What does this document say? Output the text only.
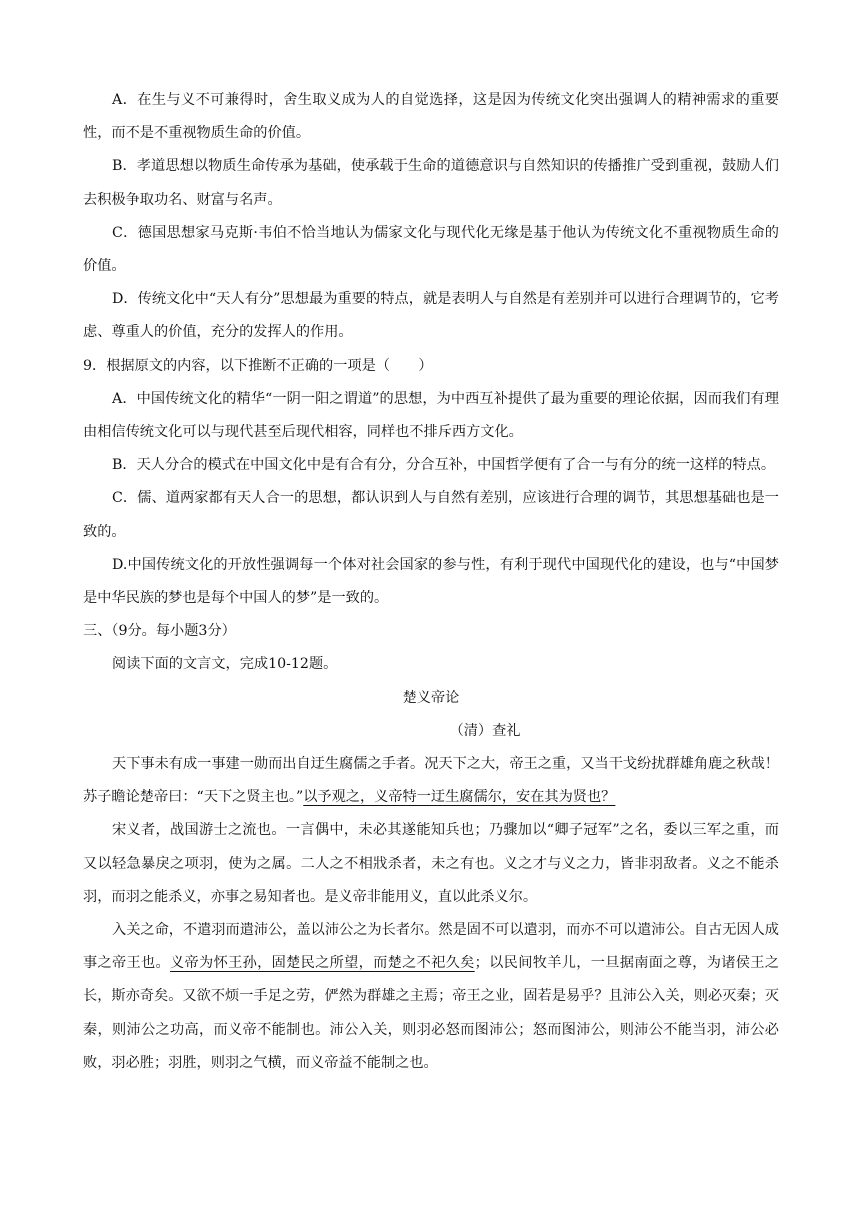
A．在生与义不可兼得时，舍生取义成为人的自觉选择，这是因为传统文化突出强调人的精神需求的重要性，而不是不重视物质生命的价值。

B．孝道思想以物质生命传承为基础，使承载于生命的道德意识与自然知识的传播推广受到重视，鼓励人们去积极争取功名、财富与名声。

C．德国思想家马克斯·韦伯不恰当地认为儒家文化与现代化无缘是基于他认为传统文化不重视物质生命的价值。

D．传统文化中“天人有分”思想最为重要的特点，就是表明人与自然是有差别并可以进行合理调节的，它考虑、尊重人的价值，充分的发挥人的作用。

9．根据原文的内容，以下推断不正确的一项是（　　）

A．中国传统文化的精华“一阴一阳之谓道”的思想，为中西互补提供了最为重要的理论依据，因而我们有理由相信传统文化可以与现代甚至后现代相容，同样也不排斥西方文化。

B．天人分合的模式在中国文化中是有合有分，分合互补，中国哲学便有了合一与有分的统一这样的特点。

C．儒、道两家都有天人合一的思想，都认识到人与自然有差别，应该进行合理的调节，其思想基础也是一致的。

D.中国传统文化的开放性强调每一个体对社会国家的参与性，有利于现代中国现代化的建设，也与“中国梦是中华民族的梦也是每个中国人的梦”是一致的。

三、（9分。每小题3分）

阅读下面的文言文，完成10-12题。

楚义帝论

（清）查礼

天下事未有成一事建一勋而出自迂生腐儒之手者。况天下之大，帝王之重，又当干戈纷扰群雄角鹿之秋哉！苏子瞻论楚帝曰：“天下之贤主也。”以予观之，义帝特一迂生腐儒尔，安在其为贤也？

宋义者，战国游士之流也。一言偶中，未必其遂能知兵也；乃骤加以“卿子冠军”之名，委以三军之重，而又以轻急暴戾之项羽，使为之属。二人之不相戕杀者，未之有也。义之才与义之力，皆非羽敌者。义之不能杀羽，而羽之能杀义，亦事之易知者也。是义帝非能用义，直以此杀义尔。

入关之命，不遣羽而遣沛公，盖以沛公之为长者尔。然是固不可以遣羽，而亦不可以遣沛公。自古无因人成事之帝王也。义帝为怀王孙，固楚民之所望，而楚之不祀久矣；以民间牧羊儿，一旦据南面之尊，为诸侯王之长，斯亦奇矣。又欲不烦一手足之劳，俨然为群雄之主焉；帝王之业，固若是易乎？且沛公入关，则必灭秦；灭秦，则沛公之功高，而义帝不能制也。沛公入关，则羽必怒而图沛公；怒而图沛公，则沛公不能当羽，沛公必败，羽必胜；羽胜，则羽之气横，而义帝益不能制之也。
